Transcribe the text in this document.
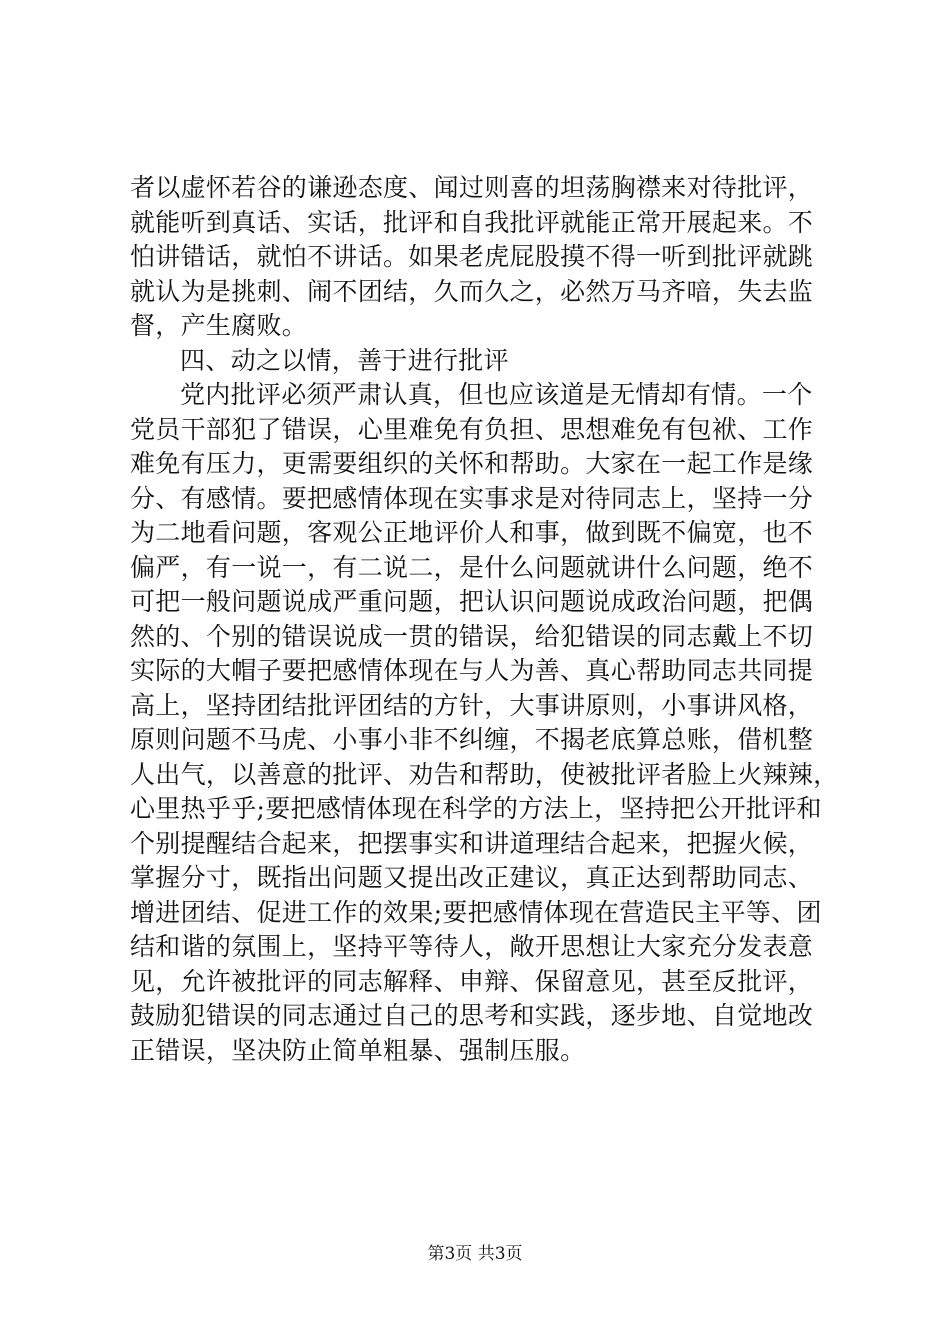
者以虚怀若谷的谦逊态度、闻过则喜的坦荡胸襟来对待批评，
就能听到真话、实话，批评和自我批评就能正常开展起来。不
怕讲错话，就怕不讲话。如果老虎屁股摸不得一听到批评就跳
就认为是挑刺、闹不团结，久而久之，必然万马齐喑，失去监
督，产生腐败。
四、动之以情，善于进行批评
党内批评必须严肃认真，但也应该道是无情却有情。一个
党员干部犯了错误，心里难免有负担、思想难免有包袱、工作
难免有压力，更需要组织的关怀和帮助。大家在一起工作是缘
分、有感情。要把感情体现在实事求是对待同志上，坚持一分
为二地看问题，客观公正地评价人和事，做到既不偏宽，也不
偏严，有一说一，有二说二，是什么问题就讲什么问题，绝不
可把一般问题说成严重问题，把认识问题说成政治问题，把偶
然的、个别的错误说成一贯的错误，给犯错误的同志戴上不切
实际的大帽子要把感情体现在与人为善、真心帮助同志共同提
高上，坚持团结批评团结的方针，大事讲原则，小事讲风格，
原则问题不马虎、小事小非不纠缠，不揭老底算总账，借机整
人出气，以善意的批评、劝告和帮助，使被批评者脸上火辣辣，
心里热乎乎;要把感情体现在科学的方法上，坚持把公开批评和
个别提醒结合起来，把摆事实和讲道理结合起来，把握火候，
掌握分寸，既指出问题又提出改正建议，真正达到帮助同志、
增进团结、促进工作的效果;要把感情体现在营造民主平等、团
结和谐的氛围上，坚持平等待人，敞开思想让大家充分发表意
见，允许被批评的同志解释、申辩、保留意见，甚至反批评，
鼓励犯错误的同志通过自己的思考和实践，逐步地、自觉地改
正错误，坚决防止简单粗暴、强制压服。
第3页 共3页
